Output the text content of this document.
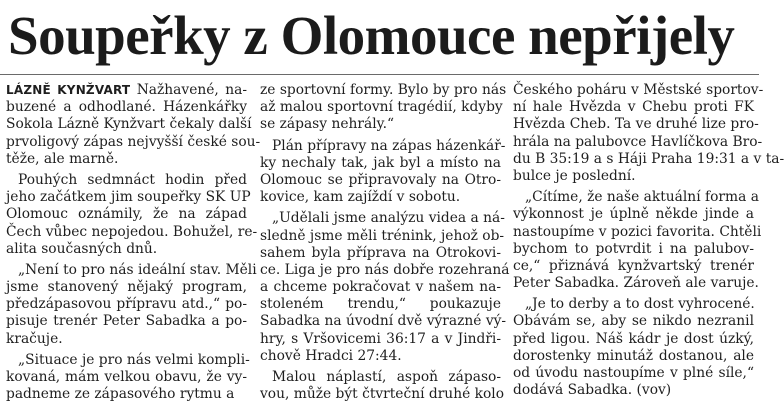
Soupeřky z Olomouce nepřijely
LÁZNĚ KYNŽVART Nažhavené, na-
buzené a odhodlané. Házenkářky
Sokola Lázně Kynžvart čekaly další
prvoligový zápas nejvyšší české sou-
těže, ale marně.
Pouhých sedmnáct hodin před
jeho začátkem jim soupeřky SK UP
Olomouc oznámily, že na západ
Čech vůbec nepojedou. Bohužel, re-
alita současných dnů.
„Není to pro nás ideální stav. Měli
jsme stanovený nějaký program,
předzápasovou přípravu atd.,“ po-
pisuje trenér Peter Sabadka a po-
kračuje.
„Situace je pro nás velmi kompli-
kovaná, mám velkou obavu, že vy-
padneme ze zápasového rytmu a
ze sportovní formy. Bylo by pro nás
až malou sportovní tragédií, kdyby
se zápasy nehrály.“
Plán přípravy na zápas házenkář-
ky nechaly tak, jak byl a místo na
Olomouc se připravovaly na Otro-
kovice, kam zajíždí v sobotu.
„Udělali jsme analýzu videa a ná-
sledně jsme měli trénink, jehož ob-
sahem byla příprava na Otrokovi-
ce. Liga je pro nás dobře rozehraná
a chceme pokračovat v našem na-
stoleném trendu,“ poukazuje
Sabadka na úvodní dvě výrazné vý-
hry, s Vršovicemi 36:17 a v Jindři-
chově Hradci 27:44.
Malou náplastí, aspoň zápaso-
vou, může být čtvrteční druhé kolo
Českého poháru v Městské sportov-
ní hale Hvězda v Chebu proti FK
Hvězda Cheb. Ta ve druhé lize pro-
hrála na palubovce Havlíčkova Bro-
du B 35:19 a s Háji Praha 19:31 a v ta-
bulce je poslední.
„Cítíme, že naše aktuální forma a
výkonnost je úplně někde jinde a
nastoupíme v pozici favorita. Chtěli
bychom to potvrdit i na palubov-
ce,“ přiznává kynžvartský trenér
Peter Sabadka. Zároveň ale varuje.
„Je to derby a to dost vyhrocené.
Obávám se, aby se nikdo nezranil
před ligou. Náš kádr je dost úzký,
dorostenky minutáž dostanou, ale
od úvodu nastoupíme v plné síle,“
dodává Sabadka. (vov)
